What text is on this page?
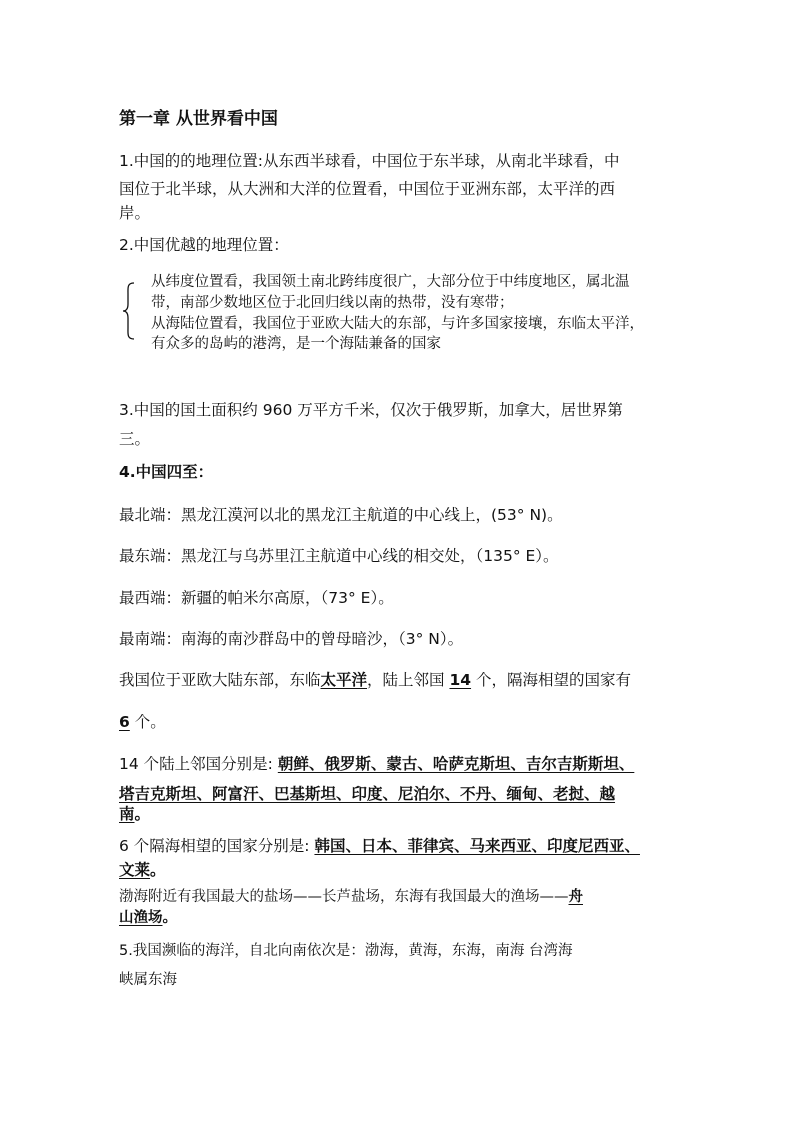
第一章 从世界看中国
1.中国的的地理位置:从东西半球看，中国位于东半球，从南北半球看，中
国位于北半球，从大洲和大洋的位置看，中国位于亚洲东部，太平洋的西
岸。
2.中国优越的地理位置：
从纬度位置看，我国领土南北跨纬度很广，大部分位于中纬度地区，属北温
带，南部少数地区位于北回归线以南的热带，没有寒带；
从海陆位置看，我国位于亚欧大陆大的东部，与许多国家接壤，东临太平洋，
有众多的岛屿的港湾，是一个海陆兼备的国家
3.中国的国土面积约 960 万平方千米，仅次于俄罗斯，加拿大，居世界第
三。
4.中国四至：
最北端：黑龙江漠河以北的黑龙江主航道的中心线上，(53° N)。
最东端：黑龙江与乌苏里江主航道中心线的相交处，（135° E）。
最西端：新疆的帕米尔高原，（73° E）。
最南端：南海的南沙群岛中的曾母暗沙，（3° N）。
我国位于亚欧大陆东部，东临太平洋，陆上邻国 14 个，隔海相望的国家有
6 个。
14 个陆上邻国分别是: 朝鲜、俄罗斯、蒙古、哈萨克斯坦、吉尔吉斯斯坦、
塔吉克斯坦、阿富汗、巴基斯坦、印度、尼泊尔、不丹、缅甸、老挝、越
南。
6 个隔海相望的国家分别是: 韩国、日本、菲律宾、马来西亚、印度尼西亚、
文莱。
渤海附近有我国最大的盐场——长芦盐场，东海有我国最大的渔场——舟
山渔场。
5.我国濒临的海洋，自北向南依次是：渤海，黄海，东海，南海 台湾海
峡属东海
